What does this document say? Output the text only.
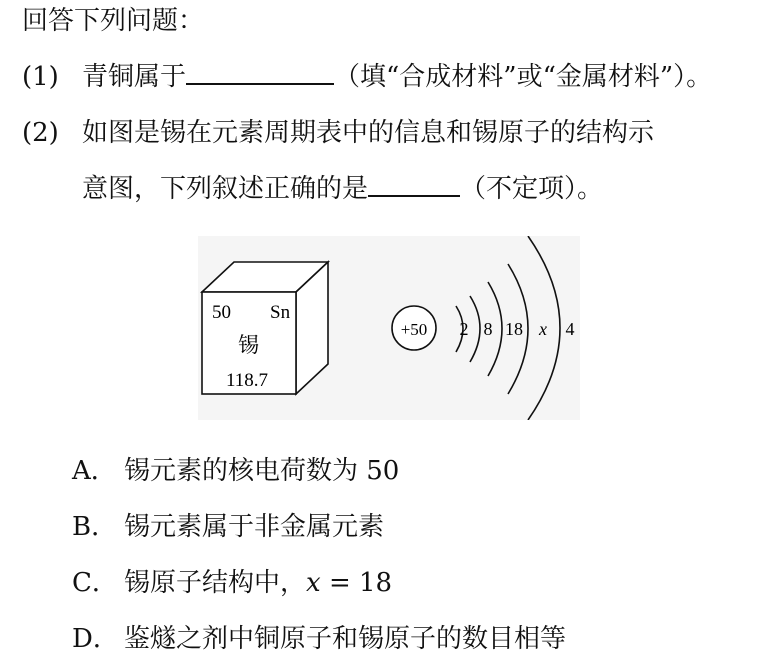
回答下列问题：
(1) 青铜属于	（填“合成材料”或“金属材料”）。
(2) 如图是锡在元素周期表中的信息和锡原子的结构示
意图，下列叙述正确的是	（不定项）。
50 Sn
锡
118.7
+50 2 8 18 x 4
A． 锡元素的核电荷数为 50
B． 锡元素属于非金属元素
C． 锡原子结构中，x = 18
D． 鉴燧之剂中铜原子和锡原子的数目相等
